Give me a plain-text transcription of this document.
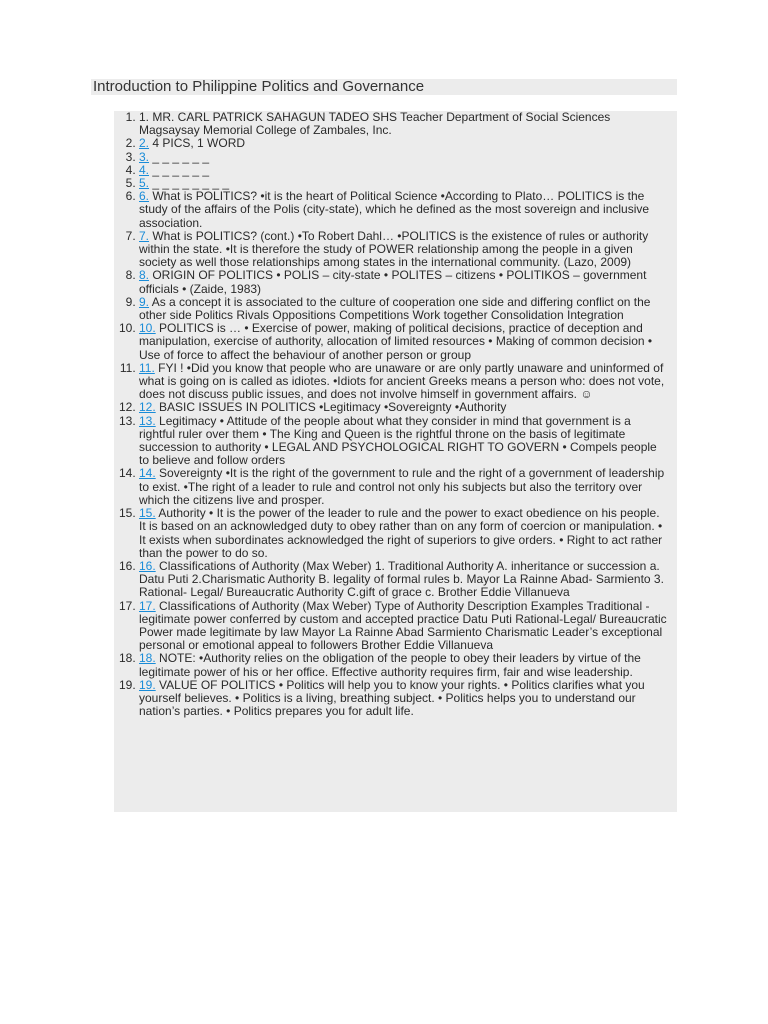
Introduction to Philippine Politics and Governance
1. 1. MR. CARL PATRICK SAHAGUN TADEO SHS Teacher Department of Social Sciences Magsaysay Memorial College of Zambales, Inc.
2. 2. 4 PICS, 1 WORD
3. 3. _ _ _ _ _ _
4. 4. _ _ _ _ _ _
5. 5. _ _ _ _ _ _ _ _
6. 6. What is POLITICS? •it is the heart of Political Science •According to Plato… POLITICS is the study of the affairs of the Polis (city-state), which he defined as the most sovereign and inclusive association.
7. 7. What is POLITICS? (cont.) •To Robert Dahl… •POLITICS is the existence of rules or authority within the state. •It is therefore the study of POWER relationship among the people in a given society as well those relationships among states in the international community. (Lazo, 2009)
8. 8. ORIGIN OF POLITICS • POLIS – city-state • POLITES – citizens • POLITIKOS – government officials • (Zaide, 1983)
9. 9. As a concept it is associated to the culture of cooperation one side and differing conflict on the other side Politics Rivals Oppositions Competitions Work together Consolidation Integration
10. 10. POLITICS is … • Exercise of power, making of political decisions, practice of deception and manipulation, exercise of authority, allocation of limited resources • Making of common decision • Use of force to affect the behaviour of another person or group
11. 11. FYI ! •Did you know that people who are unaware or are only partly unaware and uninformed of what is going on is called as idiotes. •Idiots for ancient Greeks means a person who: does not vote, does not discuss public issues, and does not involve himself in government affairs. ☺
12. 12. BASIC ISSUES IN POLITICS •Legitimacy •Sovereignty •Authority
13. 13. Legitimacy • Attitude of the people about what they consider in mind that government is a rightful ruler over them • The King and Queen is the rightful throne on the basis of legitimate succession to authority • LEGAL AND PSYCHOLOGICAL RIGHT TO GOVERN • Compels people to believe and follow orders
14. 14. Sovereignty •It is the right of the government to rule and the right of a government of leadership to exist. •The right of a leader to rule and control not only his subjects but also the territory over which the citizens live and prosper.
15. 15. Authority • It is the power of the leader to rule and the power to exact obedience on his people. It is based on an acknowledged duty to obey rather than on any form of coercion or manipulation. • It exists when subordinates acknowledged the right of superiors to give orders. • Right to act rather than the power to do so.
16. 16. Classifications of Authority (Max Weber) 1. Traditional Authority A. inheritance or succession a. Datu Puti 2.Charismatic Authority B. legality of formal rules b. Mayor La Rainne Abad- Sarmiento 3. Rational- Legal/ Bureaucratic Authority C.gift of grace c. Brother Eddie Villanueva
17. 17. Classifications of Authority (Max Weber) Type of Authority Description Examples Traditional -legitimate power conferred by custom and accepted practice Datu Puti Rational-Legal/ Bureaucratic Power made legitimate by law Mayor La Rainne Abad Sarmiento Charismatic Leader’s exceptional personal or emotional appeal to followers Brother Eddie Villanueva
18. 18. NOTE: •Authority relies on the obligation of the people to obey their leaders by virtue of the legitimate power of his or her office. Effective authority requires firm, fair and wise leadership.
19. 19. VALUE OF POLITICS • Politics will help you to know your rights. • Politics clarifies what you yourself believes. • Politics is a living, breathing subject. • Politics helps you to understand our nation’s parties. • Politics prepares you for adult life.
